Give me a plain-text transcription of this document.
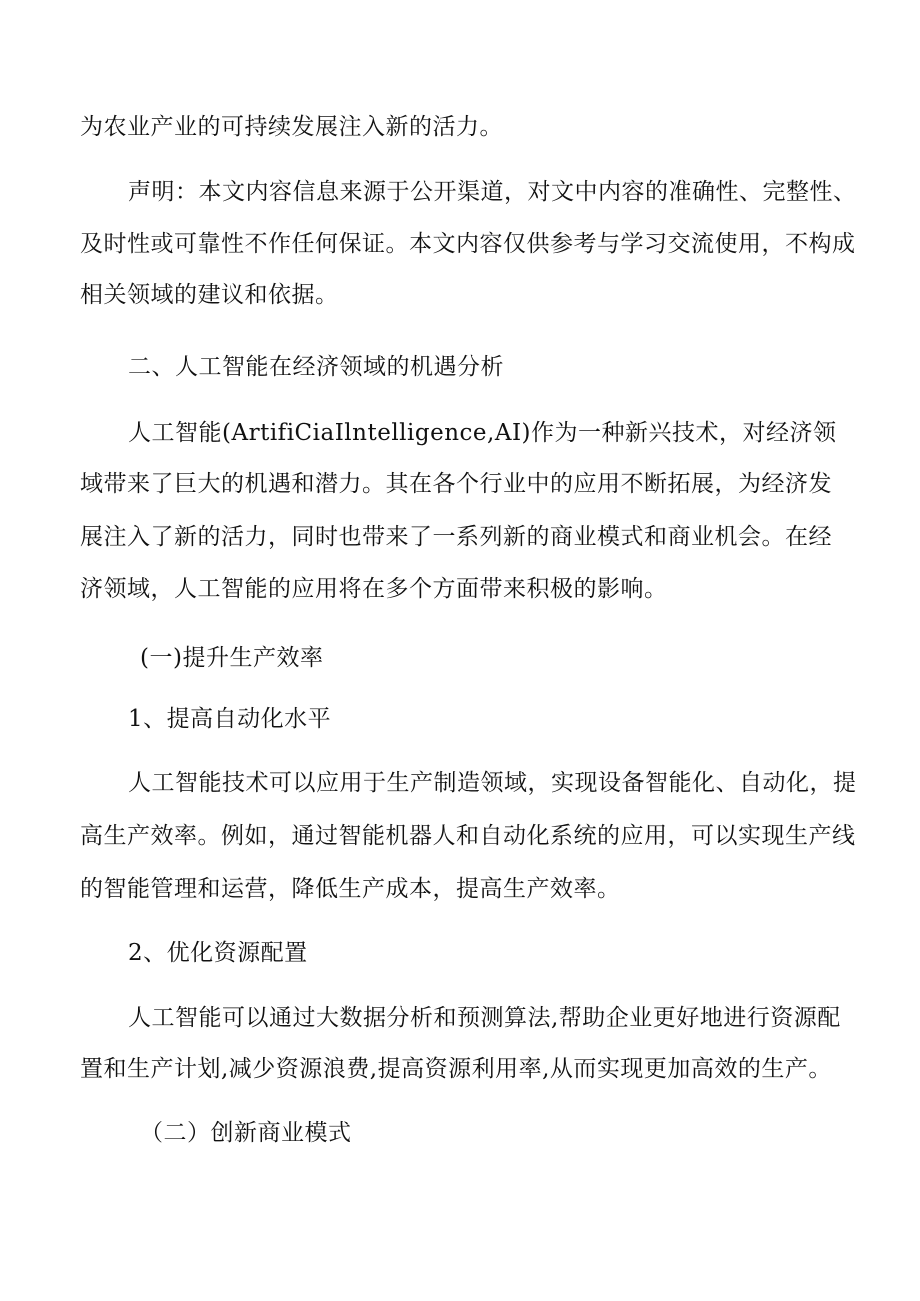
为农业产业的可持续发展注入新的活力。
声明：本文内容信息来源于公开渠道，对文中内容的准确性、完整性、
及时性或可靠性不作任何保证。本文内容仅供参考与学习交流使用，不构成
相关领域的建议和依据。
二、人工智能在经济领域的机遇分析
人工智能(ArtifiCiaIlntelligence,AI)作为一种新兴技术，对经济领
域带来了巨大的机遇和潜力。其在各个行业中的应用不断拓展，为经济发
展注入了新的活力，同时也带来了一系列新的商业模式和商业机会。在经
济领域，人工智能的应用将在多个方面带来积极的影响。
(一)提升生产效率
1、提高自动化水平
人工智能技术可以应用于生产制造领域，实现设备智能化、自动化，提
高生产效率。例如，通过智能机器人和自动化系统的应用，可以实现生产线
的智能管理和运营，降低生产成本，提高生产效率。
2、优化资源配置
人工智能可以通过大数据分析和预测算法,帮助企业更好地进行资源配
置和生产计划,减少资源浪费,提高资源利用率,从而实现更加高效的生产。
（二）创新商业模式
